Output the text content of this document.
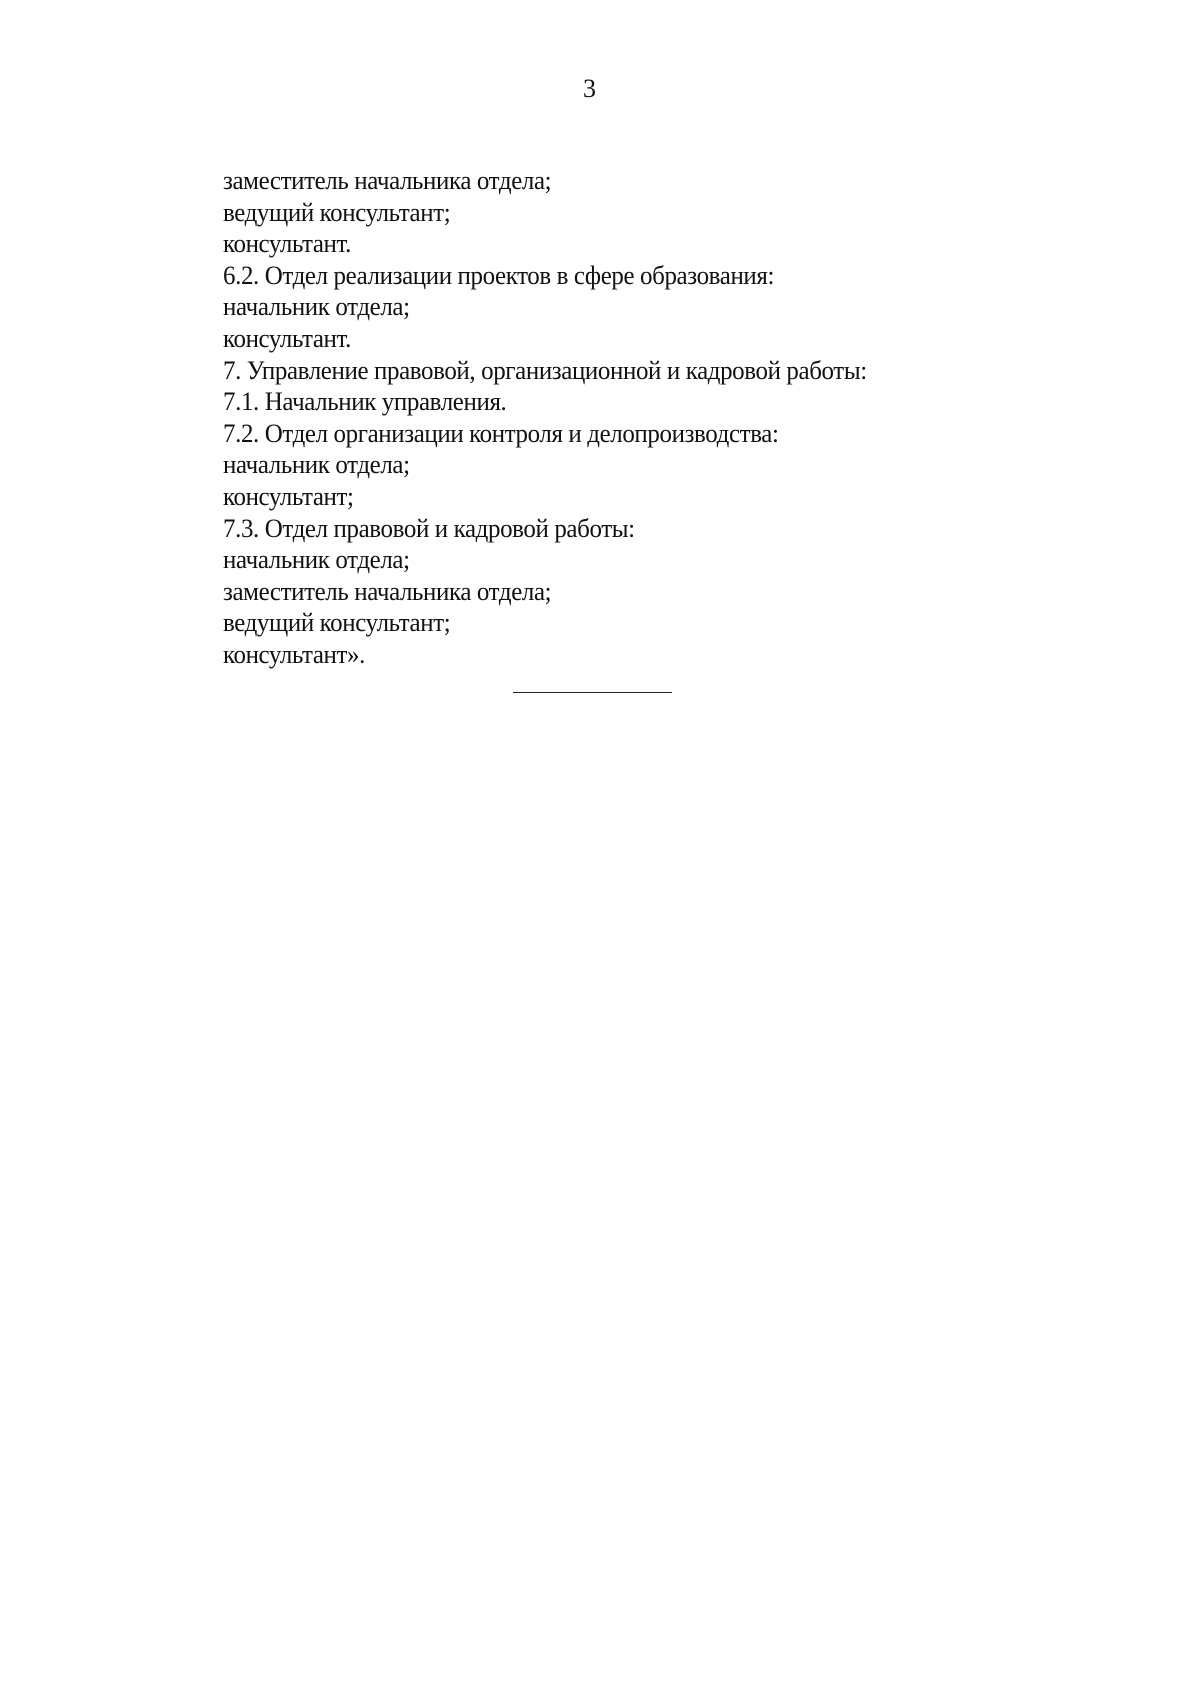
3
заместитель начальника отдела;
ведущий консультант;
консультант.
6.2. Отдел реализации проектов в сфере образования:
начальник отдела;
консультант.
7. Управление правовой, организационной и кадровой работы:
7.1. Начальник управления.
7.2. Отдел организации контроля и делопроизводства:
начальник отдела;
консультант;
7.3. Отдел правовой и кадровой работы:
начальник отдела;
заместитель начальника отдела;
ведущий консультант;
консультант».
